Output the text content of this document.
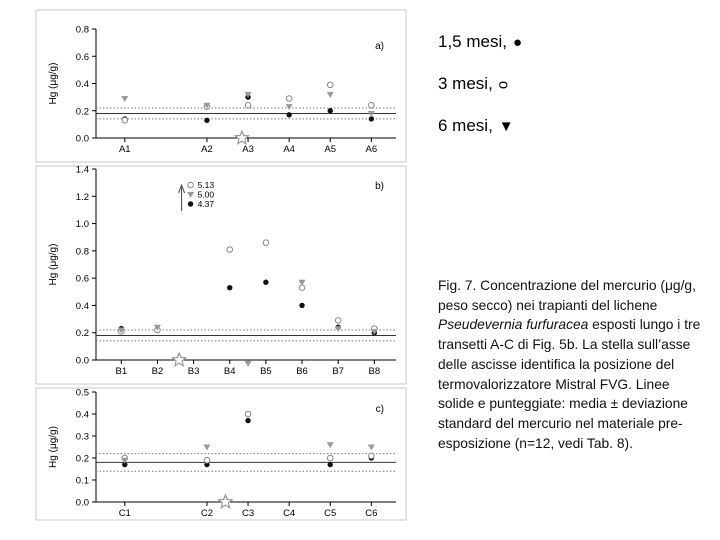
0.0
0.2
0.4
0.6
0.8
Hg (μg/g)
A1	A2	A3	A4	A5	A6
a)
0.0
0.2
0.4
0.6
0.8
1.0
1.2
1.4
Hg (μg/g)
B1	B2	B3	B4	B5	B6	B7	B8
b)
5.13
5.00
4.37
0.0
0.1
0.2
0.3
0.4
0.5
Hg (μg/g)
C1	C2	C3	C4	C5	C6
c)
1,5 mesi, ●
3 mesi, ᴑ
6 mesi, ▼
Fig. 7. Concentrazione del mercurio (μg/g, peso secco) nei trapianti del lichene Pseudevernia furfuracea esposti lungo i tre transetti A-C di Fig. 5b. La stella sull’asse delle ascisse identifica la posizione del termovalorizzatore Mistral FVG. Linee solide e punteggiate: media ± deviazione standard del mercurio nel materiale pre-esposizione (n=12, vedi Tab. 8).
